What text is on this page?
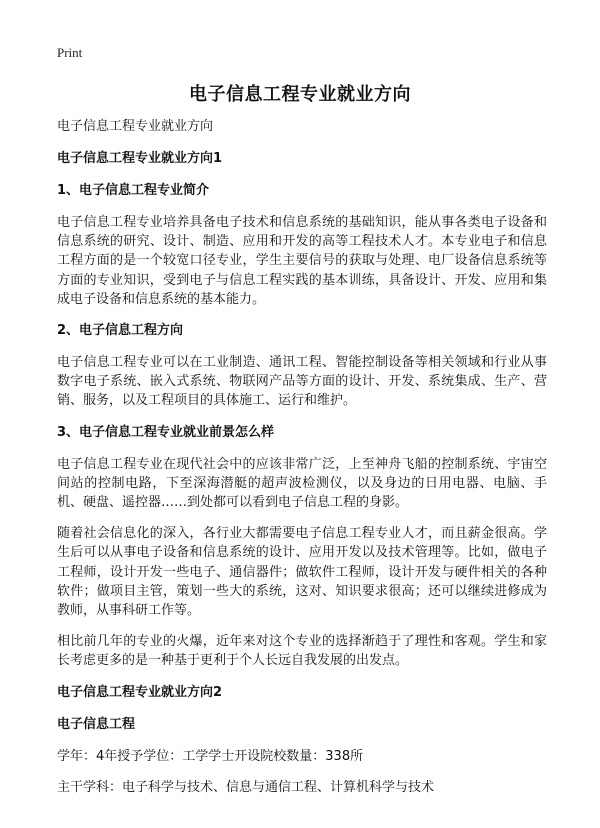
Print
电子信息工程专业就业方向

电子信息工程专业就业方向

电子信息工程专业就业方向1

1、电子信息工程专业简介

电子信息工程专业培养具备电子技术和信息系统的基础知识，能从事各类电子设备和信息系统的研究、设计、制造、应用和开发的高等工程技术人才。本专业电子和信息工程方面的是一个较宽口径专业，学生主要信号的获取与处理、电厂设备信息系统等方面的专业知识，受到电子与信息工程实践的基本训练，具备设计、开发、应用和集成电子设备和信息系统的基本能力。

2、电子信息工程方向

电子信息工程专业可以在工业制造、通讯工程、智能控制设备等相关领域和行业从事数字电子系统、嵌入式系统、物联网产品等方面的设计、开发、系统集成、生产、营销、服务，以及工程项目的具体施工、运行和维护。

3、电子信息工程专业就业前景怎么样

电子信息工程专业在现代社会中的应该非常广泛，上至神舟飞船的控制系统、宇宙空间站的控制电路，下至深海潜艇的超声波检测仪，以及身边的日用电器、电脑、手机、硬盘、遥控器……到处都可以看到电子信息工程的身影。

随着社会信息化的深入，各行业大都需要电子信息工程专业人才，而且薪金很高。学生后可以从事电子设备和信息系统的设计、应用开发以及技术管理等。比如，做电子工程师，设计开发一些电子、通信器件；做软件工程师，设计开发与硬件相关的各种软件；做项目主管，策划一些大的系统，这对、知识要求很高；还可以继续进修成为教师，从事科研工作等。

相比前几年的专业的火爆，近年来对这个专业的选择渐趋于了理性和客观。学生和家长考虑更多的是一种基于更利于个人长远自我发展的出发点。

电子信息工程专业就业方向2

电子信息工程

学年：4年授予学位：工学学士开设院校数量：338所

主干学科：电子科学与技术、信息与通信工程、计算机科学与技术
